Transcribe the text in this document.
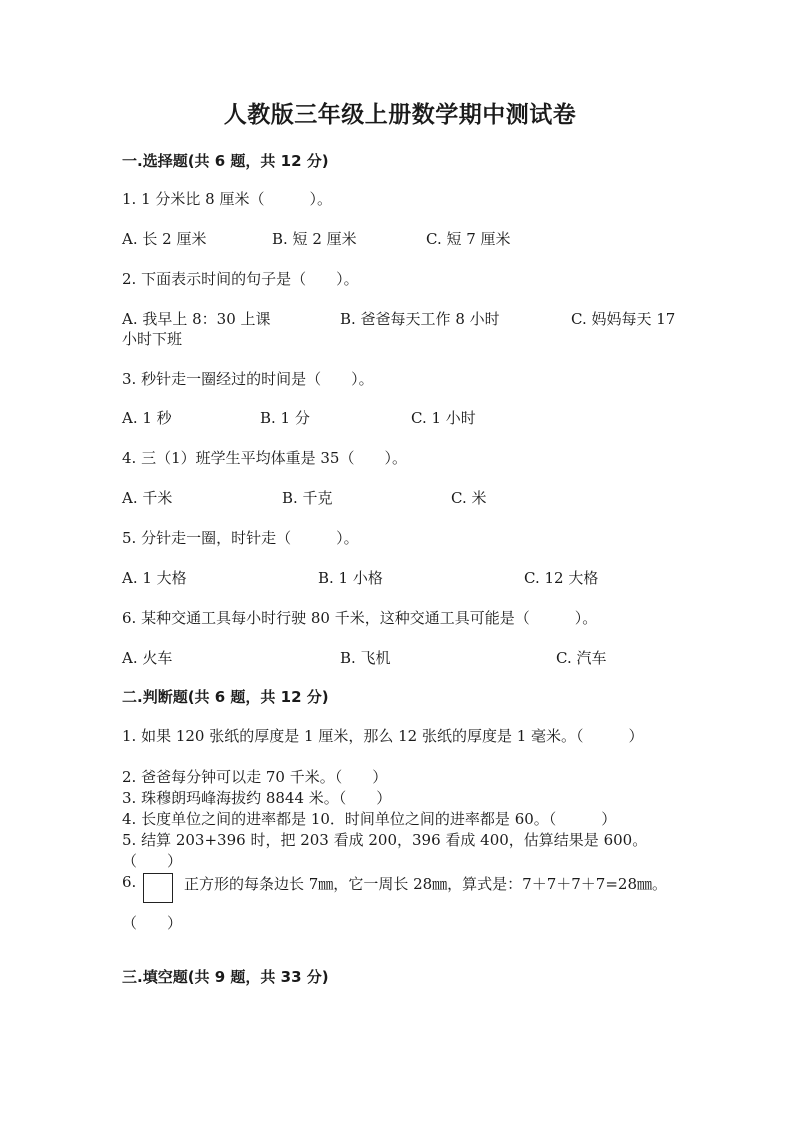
人教版三年级上册数学期中测试卷
一.选择题(共 6 题，共 12 分)
1. 1 分米比 8 厘米（　　　）。
A. 长 2 厘米	B. 短 2 厘米	C. 短 7 厘米
2. 下面表示时间的句子是（　　）。
A. 我早上 8：30 上课	B. 爸爸每天工作 8 小时	C. 妈妈每天 17
小时下班
3. 秒针走一圈经过的时间是（　　）。
A. 1 秒	B. 1 分	C. 1 小时
4. 三（1）班学生平均体重是 35（　　）。
A. 千米	B. 千克	C. 米
5. 分针走一圈，时针走（　　　）。
A. 1 大格	B. 1 小格	C. 12 大格
6. 某种交通工具每小时行驶 80 千米，这种交通工具可能是（　　　）。
A. 火车	B. 飞机	C. 汽车
二.判断题(共 6 题，共 12 分)
1. 如果 120 张纸的厚度是 1 厘米，那么 12 张纸的厚度是 1 毫米。（　　　）
2. 爸爸每分钟可以走 70 千米。（　　）
3. 珠穆朗玛峰海拔约 8844 米。（　　）
4. 长度单位之间的进率都是 10．时间单位之间的进率都是 60。（　　　）
5. 结算 203+396 时，把 203 看成 200，396 看成 400，估算结果是 600。
（　　）
6.	正方形的每条边长 7㎜，它一周长 28㎜，算式是：7＋7＋7＋7=28㎜。
（　　）
三.填空题(共 9 题，共 33 分)
